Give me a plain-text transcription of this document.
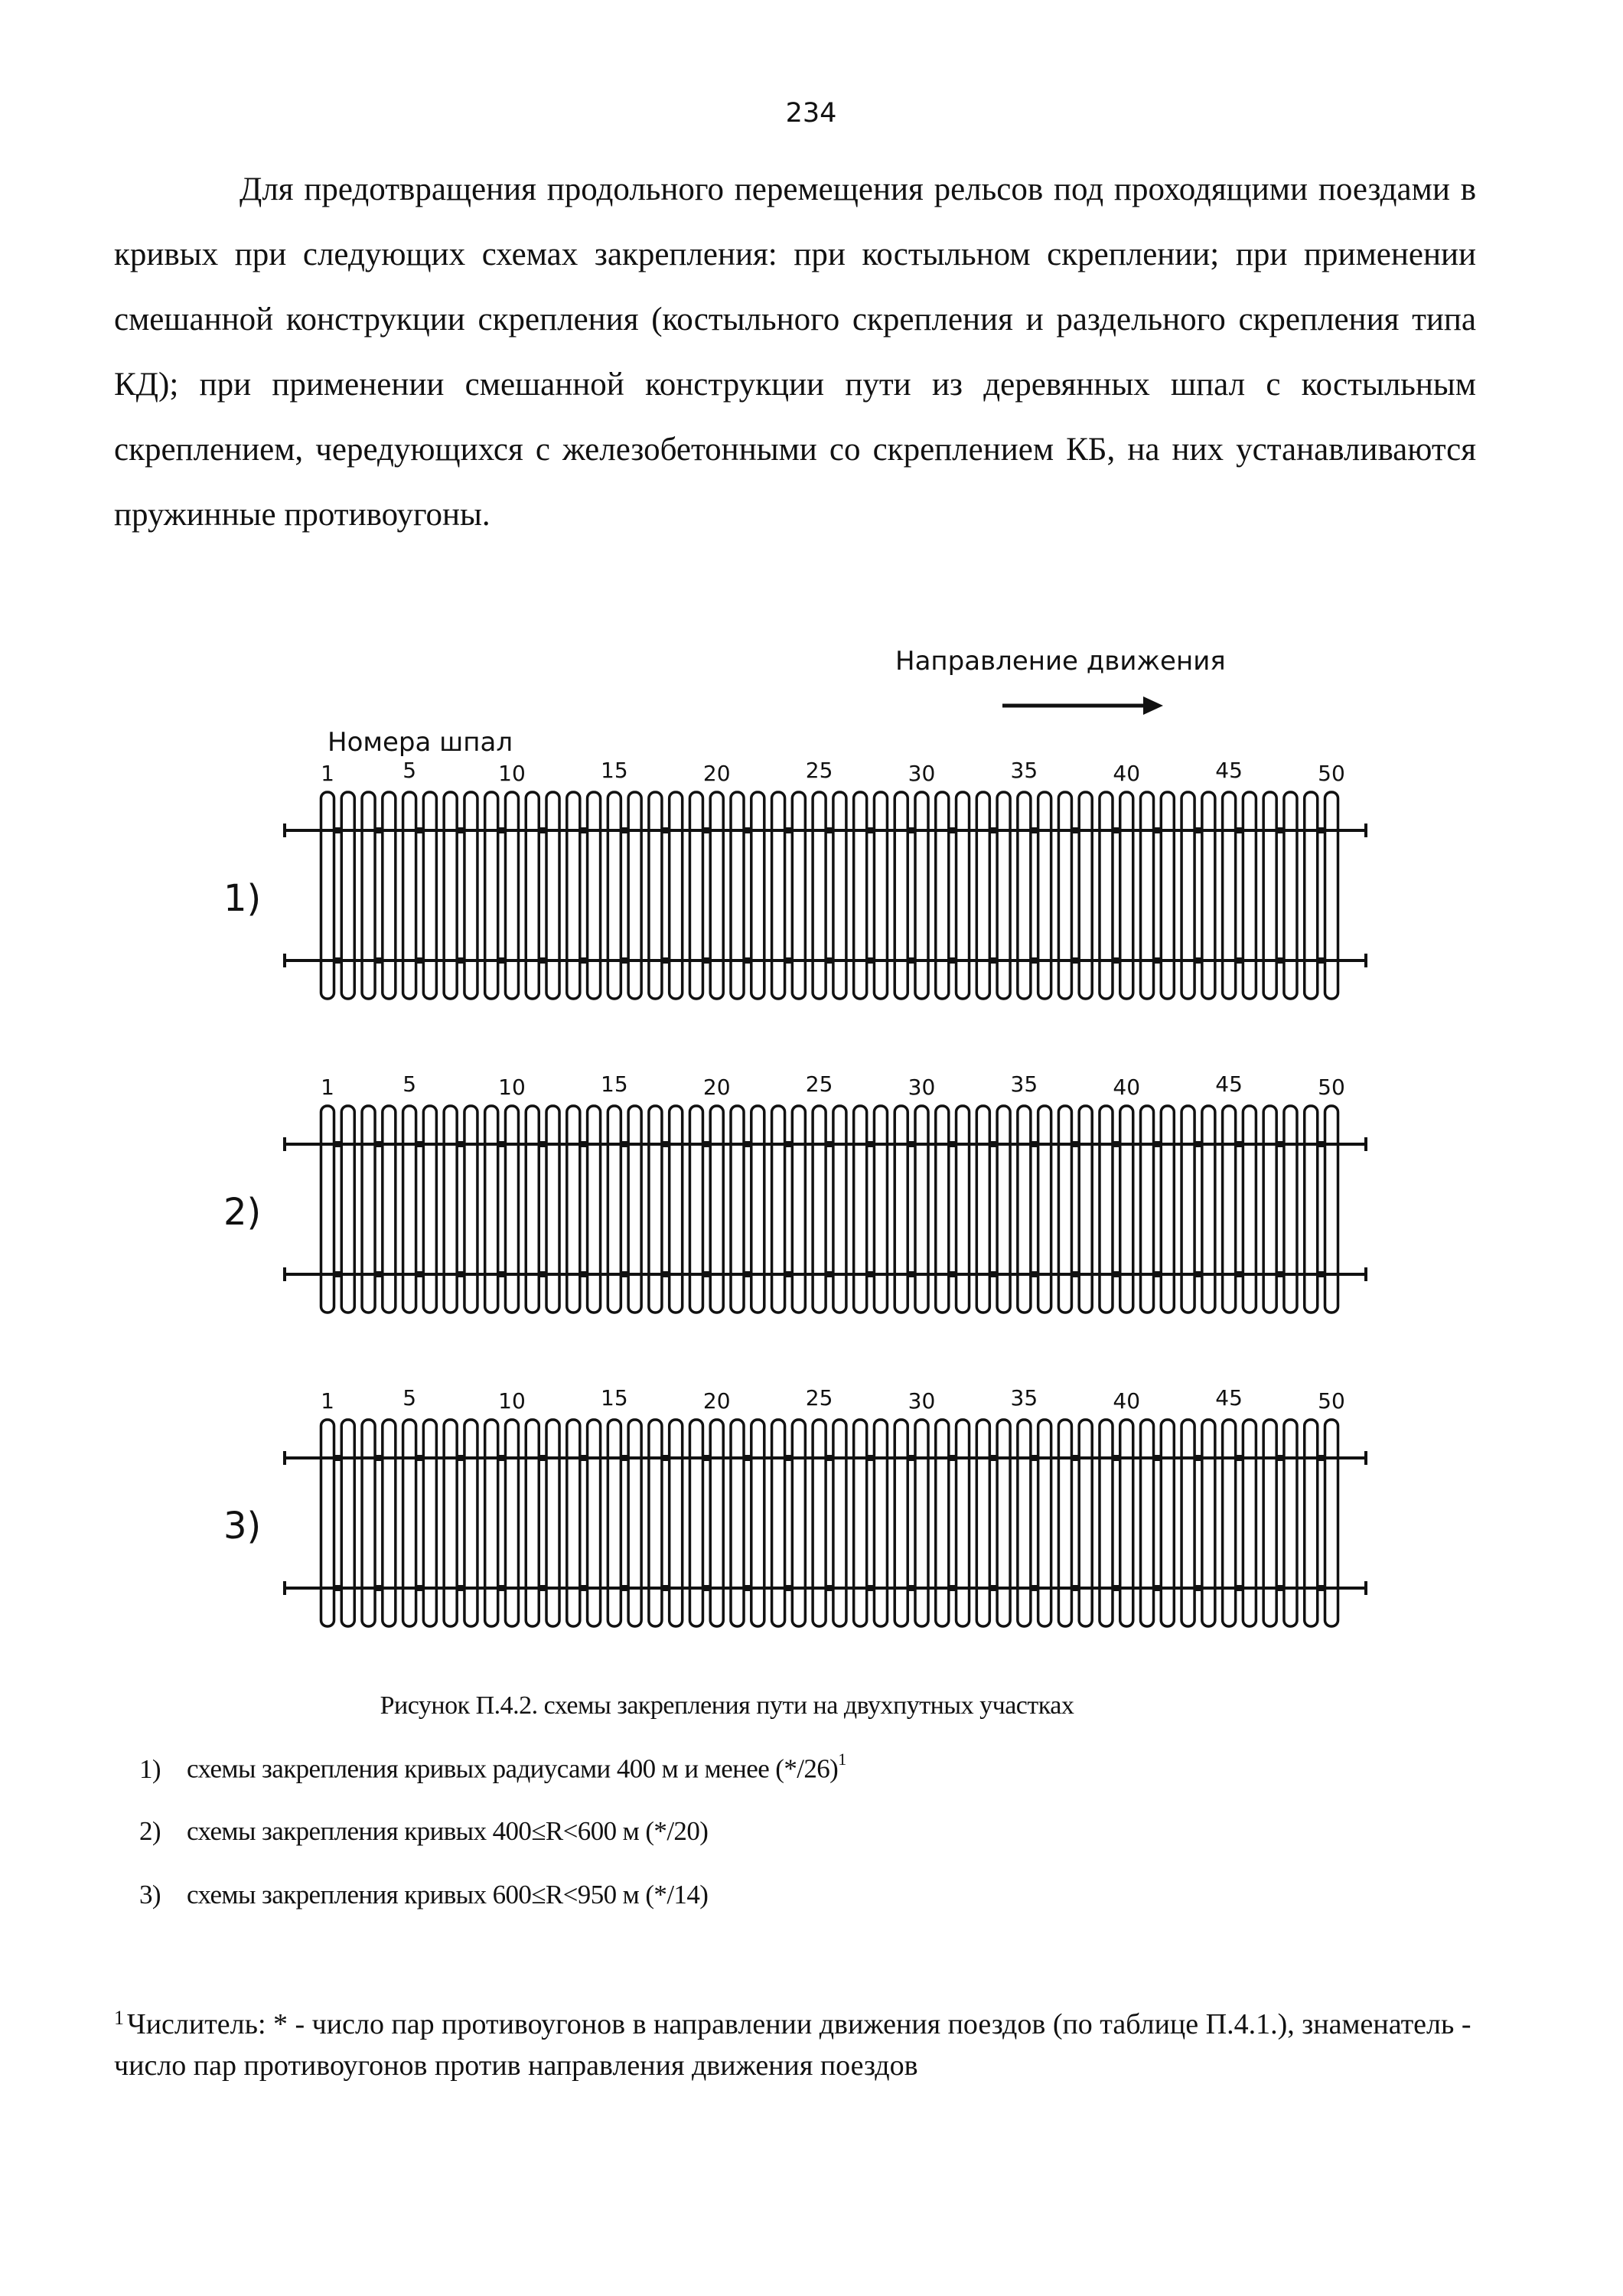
234

Для предотвращения продольного перемещения рельсов под проходящими поездами в кривых при следующих схемах закрепления: при костыльном скреплении; при применении смешанной конструкции скрепления (костыльного скрепления и раздельного скрепления типа КД); при применении смешанной конструкции пути из деревянных шпал с костыльным скреплением, чередующихся с железобетонными со скреплением КБ, на них устанавливаются пружинные противоугоны.

Направление движения
Номера шпал
1)
1	5	10	15	20	25	30	35	40	45	50
2)
1	5	10	15	20	25	30	35	40	45	50
3)
1	5	10	15	20	25	30	35	40	45	50
Рисунок П.4.2. схемы закрепления пути на двухпутных участках
1) схемы закрепления кривых радиусами 400 м и менее $(*/26)^1$
2) схемы закрепления кривых 400≤R<600 м (*/20)
3) схемы закрепления кривых 600≤R<950 м (*/14)

$^1$ Числитель: * - число пар противоугонов в направлении движения поездов (по таблице П.4.1.), знаменатель - число пар противоугонов против направления движения поездов
